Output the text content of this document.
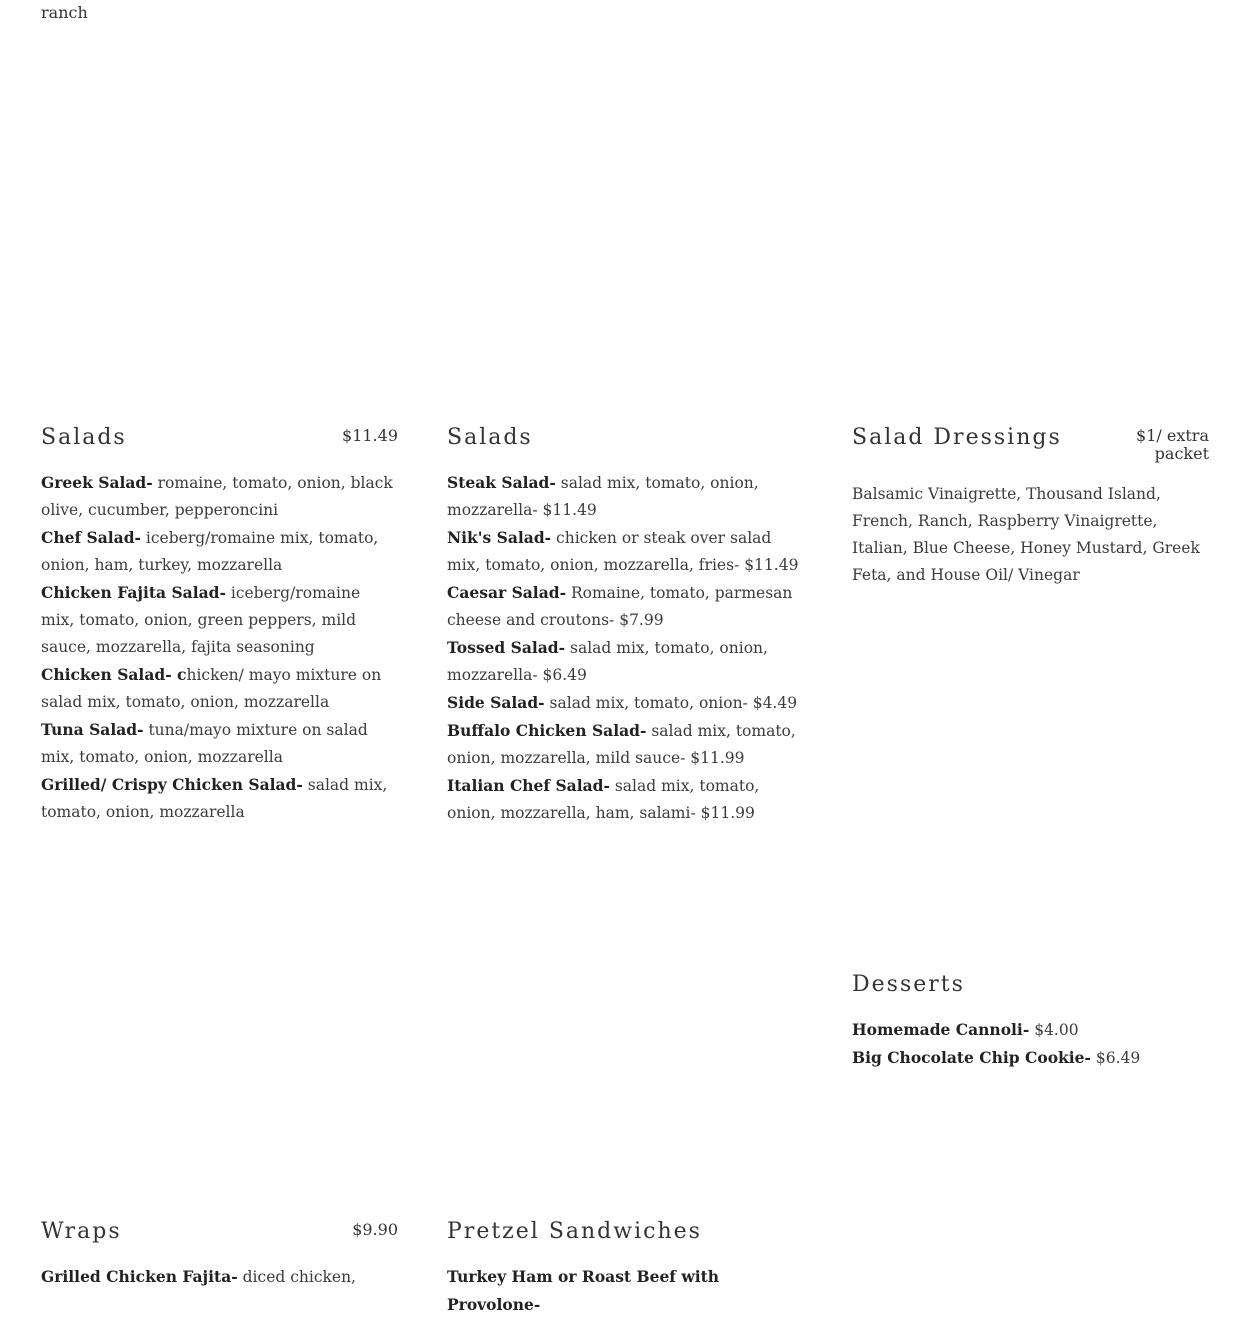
ranch
Salads	$11.49
Greek Salad- romaine, tomato, onion, black olive, cucumber, pepperoncini
Chef Salad- iceberg/romaine mix, tomato, onion, ham, turkey, mozzarella
Chicken Fajita Salad- iceberg/romaine mix, tomato, onion, green peppers, mild sauce, mozzarella, fajita seasoning
Chicken Salad- chicken/ mayo mixture on salad mix, tomato, onion, mozzarella
Tuna Salad- tuna/mayo mixture on salad mix, tomato, onion, mozzarella
Grilled/ Crispy Chicken Salad- salad mix, tomato, onion, mozzarella
Salads
Steak Salad- salad mix, tomato, onion, mozzarella- $11.49
Nik's Salad- chicken or steak over salad mix, tomato, onion, mozzarella, fries- $11.49
Caesar Salad- Romaine, tomato, parmesan cheese and croutons- $7.99
Tossed Salad- salad mix, tomato, onion, mozzarella- $6.49
Side Salad- salad mix, tomato, onion- $4.49
Buffalo Chicken Salad- salad mix, tomato, onion, mozzarella, mild sauce- $11.99
Italian Chef Salad- salad mix, tomato, onion, mozzarella, ham, salami- $11.99
Salad Dressings	$1/ extra
packet
Balsamic Vinaigrette, Thousand Island, French, Ranch, Raspberry Vinaigrette, Italian, Blue Cheese, Honey Mustard, Greek Feta, and House Oil/ Vinegar
Desserts
Homemade Cannoli- $4.00
Big Chocolate Chip Cookie- $6.49
Wraps	$9.90
Grilled Chicken Fajita- diced chicken,
Pretzel Sandwiches
Turkey Ham or Roast Beef with Provolone-
